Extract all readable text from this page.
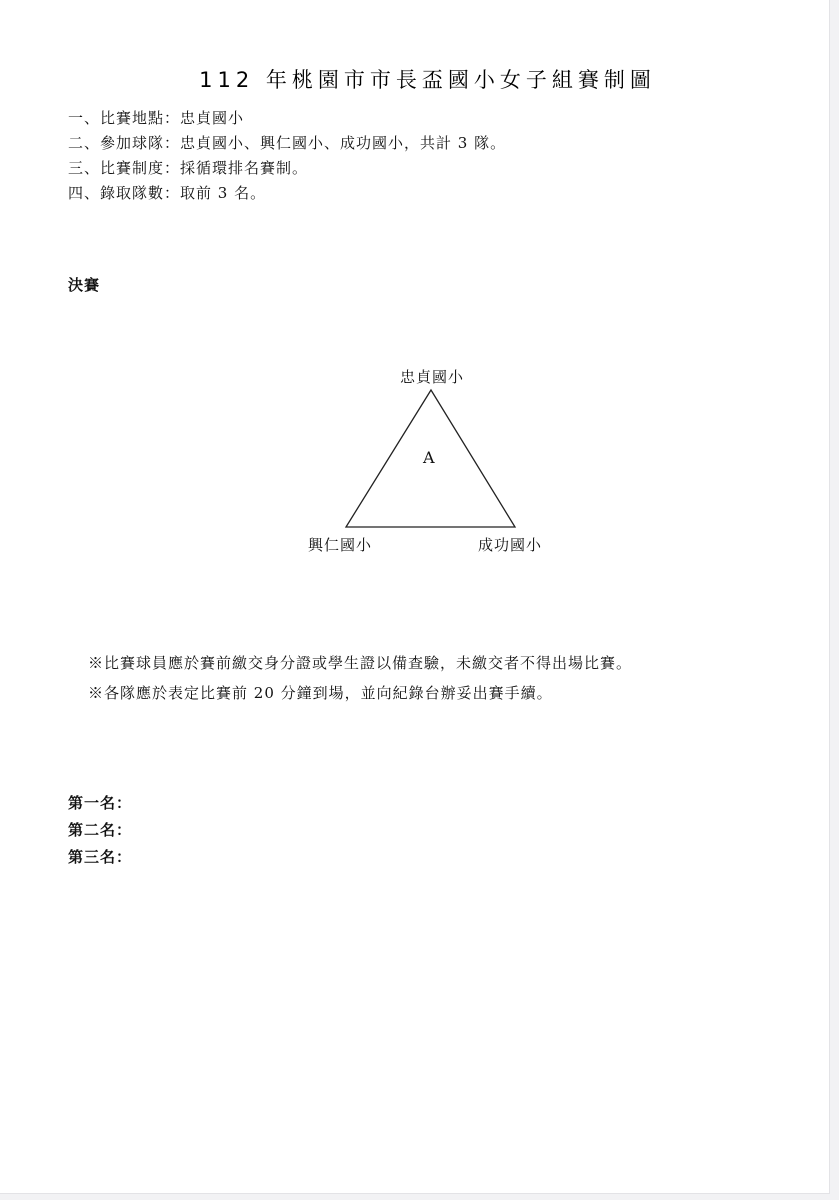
112 年桃園市市長盃國小女子組賽制圖
一、比賽地點：忠貞國小
二、參加球隊：忠貞國小、興仁國小、成功國小，共計 3 隊。
三、比賽制度：採循環排名賽制。
四、錄取隊數：取前 3 名。
決賽
忠貞國小
A
興仁國小	成功國小
※比賽球員應於賽前繳交身分證或學生證以備查驗，未繳交者不得出場比賽。
※各隊應於表定比賽前 20 分鐘到場，並向紀錄台辦妥出賽手續。
第一名：
第二名：
第三名：
